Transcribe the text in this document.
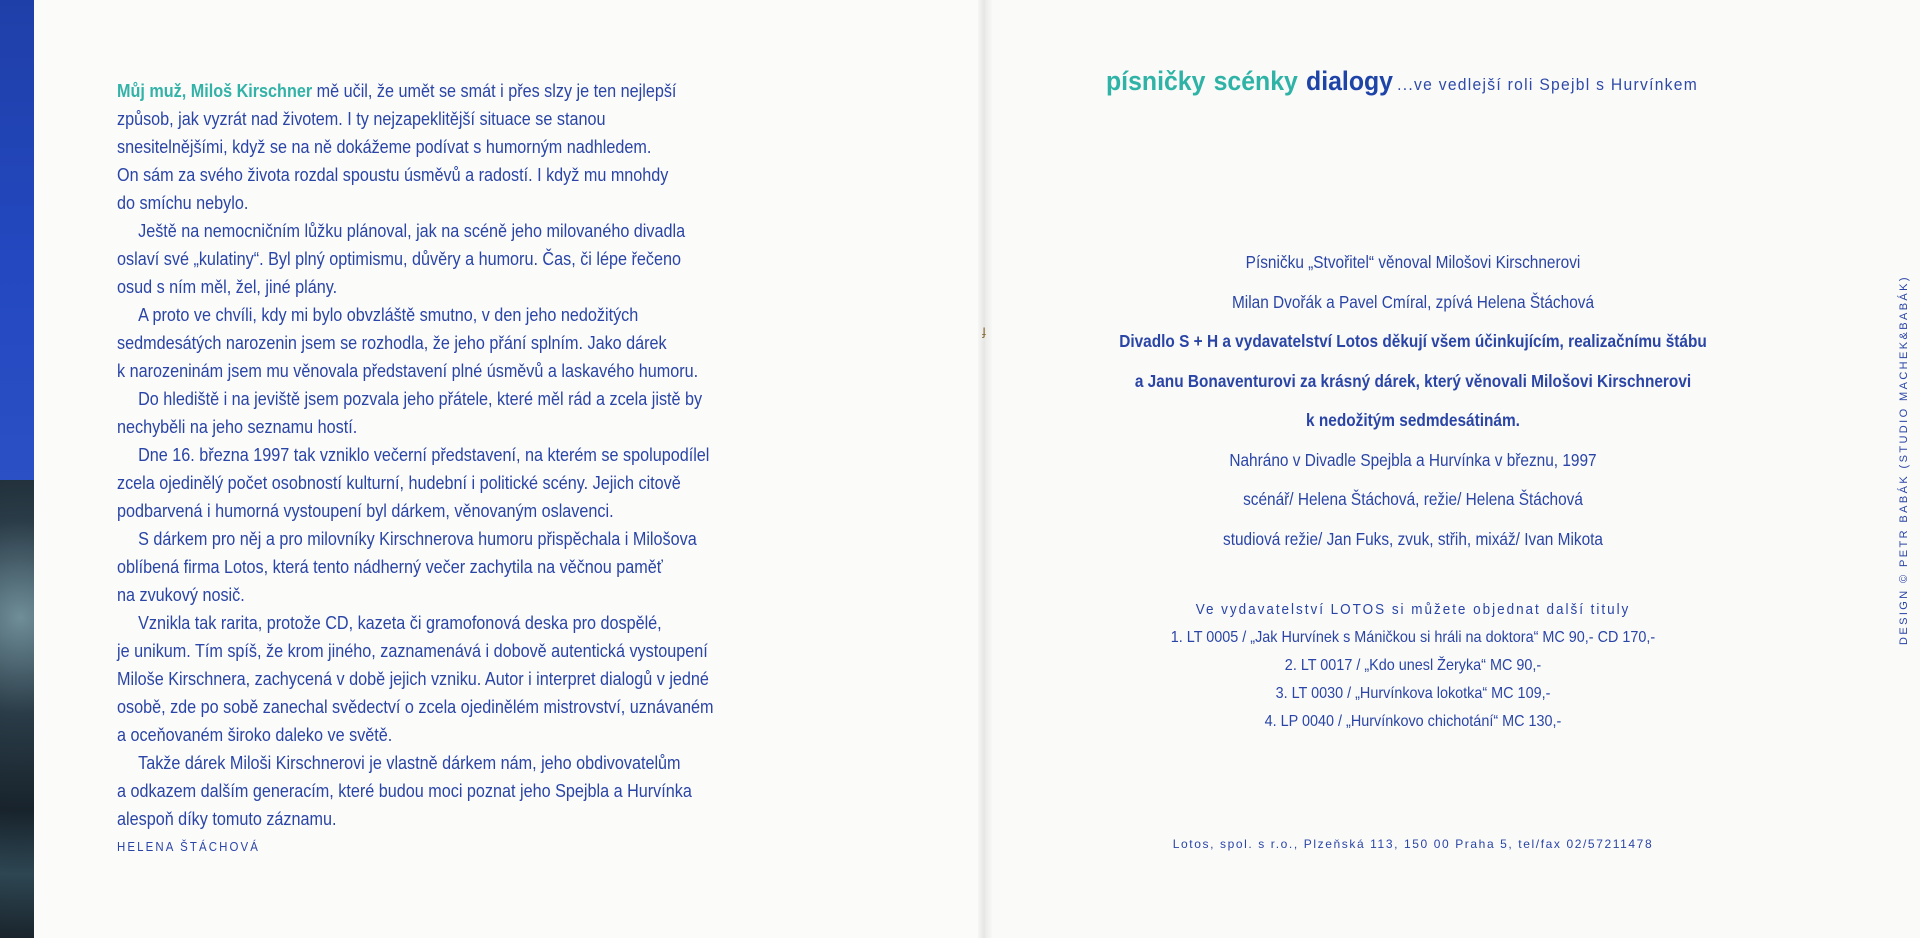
ɟ

Můj muž, Miloš Kirschner mě učil, že umět se smát i přes slzy je ten nejlepší
způsob, jak vyzrát nad životem. I ty nejzapeklitější situace se stanou
snesitelnějšími, když se na ně dokážeme podívat s humorným nadhledem.
On sám za svého života rozdal spoustu úsměvů a radostí. I když mu mnohdy
do smíchu nebylo.

Ještě na nemocničním lůžku plánoval, jak na scéně jeho milovaného divadla
oslaví své „kulatiny“. Byl plný optimismu, důvěry a humoru. Čas, či lépe řečeno
osud s ním měl, žel, jiné plány.

A proto ve chvíli, kdy mi bylo obvzláště smutno, v den jeho nedožitých
sedmdesátých narozenin jsem se rozhodla, že jeho přání splním. Jako dárek
k narozeninám jsem mu věnovala představení plné úsměvů a laskavého humoru.

Do hlediště i na jeviště jsem pozvala jeho přátele, které měl rád a zcela jistě by
nechyběli na jeho seznamu hostí.

Dne 16. března 1997 tak vzniklo večerní představení, na kterém se spolupodílel
zcela ojedinělý počet osobností kulturní, hudební i politické scény. Jejich citově
podbarvená i humorná vystoupení byl dárkem, věnovaným oslavenci.

S dárkem pro něj a pro milovníky Kirschnerova humoru přispěchala i Milošova
oblíbená firma Lotos, která tento nádherný večer zachytila na věčnou paměť
na zvukový nosič.

Vznikla tak rarita, protože CD, kazeta či gramofonová deska pro dospělé,
je unikum. Tím spíš, že krom jiného, zaznamenává i dobově autentická vystoupení
Miloše Kirschnera, zachycená v době jejich vzniku. Autor i interpret dialogů v jedné
osobě, zde po sobě zanechal svědectví o zcela ojedinělém mistrovství, uznávaném
a oceňovaném široko daleko ve světě.

Takže dárek Miloši Kirschnerovi je vlastně dárkem nám, jeho obdivovatelům
a odkazem dalším generacím, které budou moci poznat jeho Spejbla a Hurvínka
alespoň díky tomuto záznamu.

HELENA ŠTÁCHOVÁ

písničky scénky dialogy ...ve vedlejší roli Spejbl s Hurvínkem

Písničku „Stvořitel“ věnoval Milošovi Kirschnerovi

Milan Dvořák a Pavel Cmíral, zpívá Helena Štáchová

Divadlo S + H a vydavatelství Lotos děkují všem účinkujícím, realizačnímu štábu

a Janu Bonaventurovi za krásný dárek, který věnovali Milošovi Kirschnerovi

k nedožitým sedmdesátinám.

Nahráno v Divadle Spejbla a Hurvínka v březnu, 1997

scénář/ Helena Štáchová, režie/ Helena Štáchová

studiová režie/ Jan Fuks, zvuk, střih, mixáž/ Ivan Mikota

Ve vydavatelství LOTOS si můžete objednat další tituly

1. LT 0005 / „Jak Hurvínek s Máničkou si hráli na doktora“ MC 90,- CD 170,-

2. LT 0017 / „Kdo unesl Žeryka“ MC 90,-

3. LT 0030 / „Hurvínkova lokotka“ MC 109,-

4. LP 0040 / „Hurvínkovo chichotání“ MC 130,-

Lotos, spol. s r.o., Plzeňská 113, 150 00 Praha 5, tel/fax 02/57211478
DESIGN © PETR BABÁK (STUDIO MACHEK&BABÁK)
